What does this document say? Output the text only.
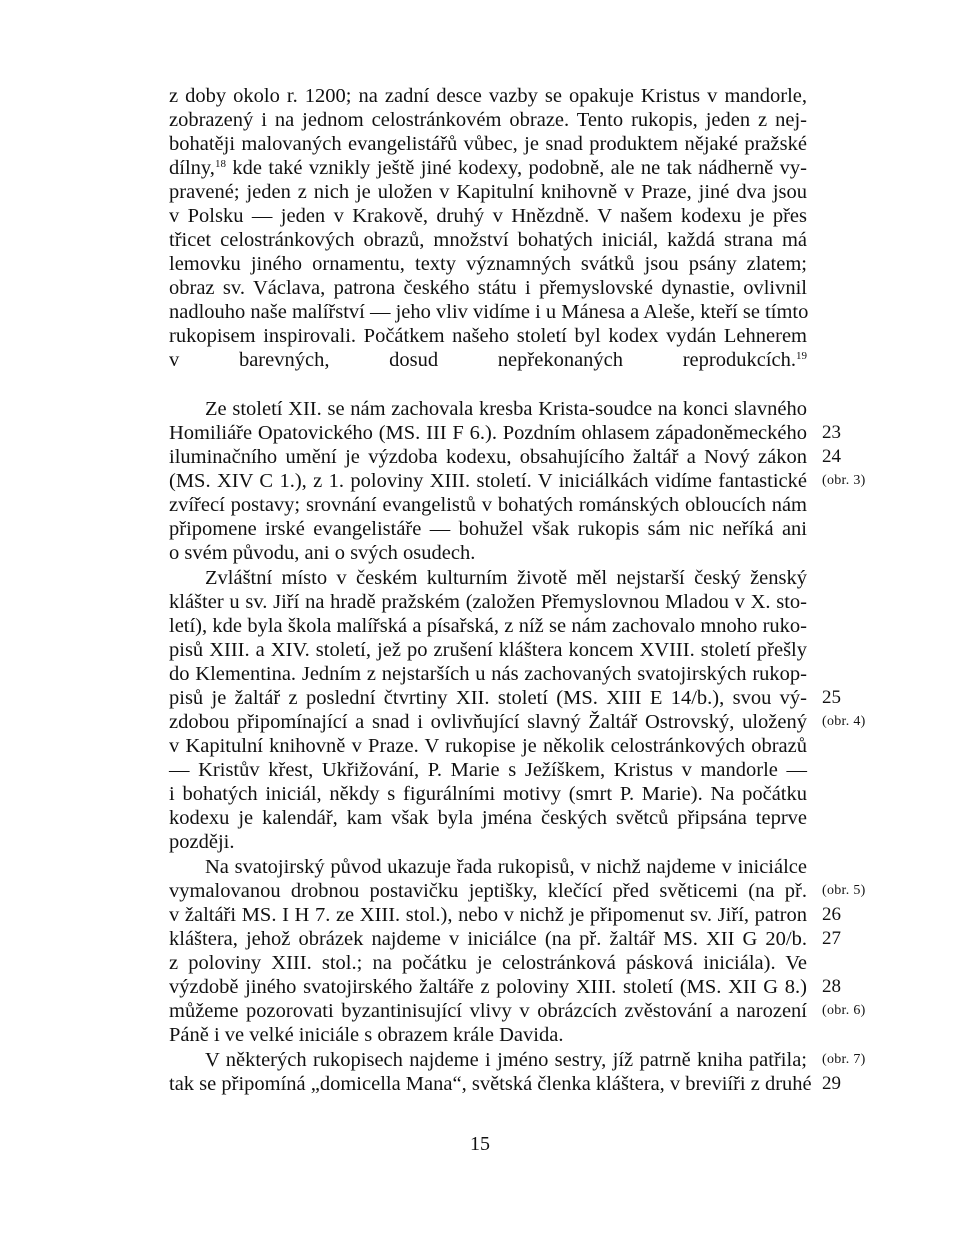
z doby okolo r. 1200; na zadní desce vazby se opakuje Kristus v mandorle,
zobrazený i na jednom celostránkovém obraze. Tento rukopis, jeden z nej-
bohatěji malovaných evangelistářů vůbec, je snad produktem nějaké pražské
dílny,$^{18}$ kde také vznikly ještě jiné kodexy, podobně, ale ne tak nádherně vy-
pravené; jeden z nich je uložen v Kapitulní knihovně v Praze, jiné dva jsou
v Polsku — jeden v Krakově, druhý v Hnězdně. V našem kodexu je přes
třicet celostránkových obrazů, množství bohatých iniciál, každá strana má
lemovku jiného ornamentu, texty významných svátků jsou psány zlatem;
obraz sv. Václava, patrona českého státu i přemyslovské dynastie, ovlivnil
nadlouho naše malířství — jeho vliv vidíme i u Mánesa a Aleše, kteří se tímto
rukopisem inspirovali. Počátkem našeho století byl kodex vydán Lehnerem
v barevných, dosud nepřekonaných reprodukcích.$^{19}$
Ze století XII. se nám zachovala kresba Krista-soudce na konci slavného
Homiliáře Opatovického (MS. III F 6.). Pozdním ohlasem západoněmeckého
iluminačního umění je výzdoba kodexu, obsahujícího žaltář a Nový zákon
(MS. XIV C 1.), z 1. poloviny XIII. století. V iniciálkách vidíme fantastické
zvířecí postavy; srovnání evangelistů v bohatých románských obloucích nám
připomene irské evangelistáře — bohužel však rukopis sám nic neříká ani
o svém původu, ani o svých osudech.
Zvláštní místo v českém kulturním životě měl nejstarší český ženský
klášter u sv. Jiří na hradě pražském (založen Přemyslovnou Mladou v X. sto-
letí), kde byla škola malířská a písařská, z níž se nám zachovalo mnoho ruko-
pisů XIII. a XIV. století, jež po zrušení kláštera koncem XVIII. století přešly
do Klementina. Jedním z nejstarších u nás zachovaných svatojirských rukop-
pisů je žaltář z poslední čtvrtiny XII. století (MS. XIII E 14/b.), svou vý-
zdobou připomínající a snad i ovlivňující slavný Žaltář Ostrovský, uložený
v Kapitulní knihovně v Praze. V rukopise je několik celostránkových obrazů
— Kristův křest, Ukřižování, P. Marie s Ježíškem, Kristus v mandorle —
i bohatých iniciál, někdy s figurálními motivy (smrt P. Marie). Na počátku
kodexu je kalendář, kam však byla jména českých světců připsána teprve
později.
Na svatojirský původ ukazuje řada rukopisů, v nichž najdeme v iniciálce
vymalovanou drobnou postavičku jeptišky, klečící před světicemi (na př.
v žaltáři MS. I H 7. ze XIII. stol.), nebo v nichž je připomenut sv. Jiří, patron
kláštera, jehož obrázek najdeme v iniciálce (na př. žaltář MS. XII G 20/b.
z poloviny XIII. stol.; na počátku je celostránková pásková iniciála). Ve
výzdobě jiného svatojirského žaltáře z poloviny XIII. století (MS. XII G 8.)
můžeme pozorovati byzantinisující vlivy v obrázcích zvěstování a narození
Páně i ve velké iniciále s obrazem krále Davida.
V některých rukopisech najdeme i jméno sestry, jíž patrně kniha patřila;
tak se připomíná „domicella Mana“, světská členka kláštera, v breviíři z druhé
23
24
(obr. 3)
25
(obr. 4)
(obr. 5)
26
27
28
(obr. 6)
(obr. 7)
29
15
